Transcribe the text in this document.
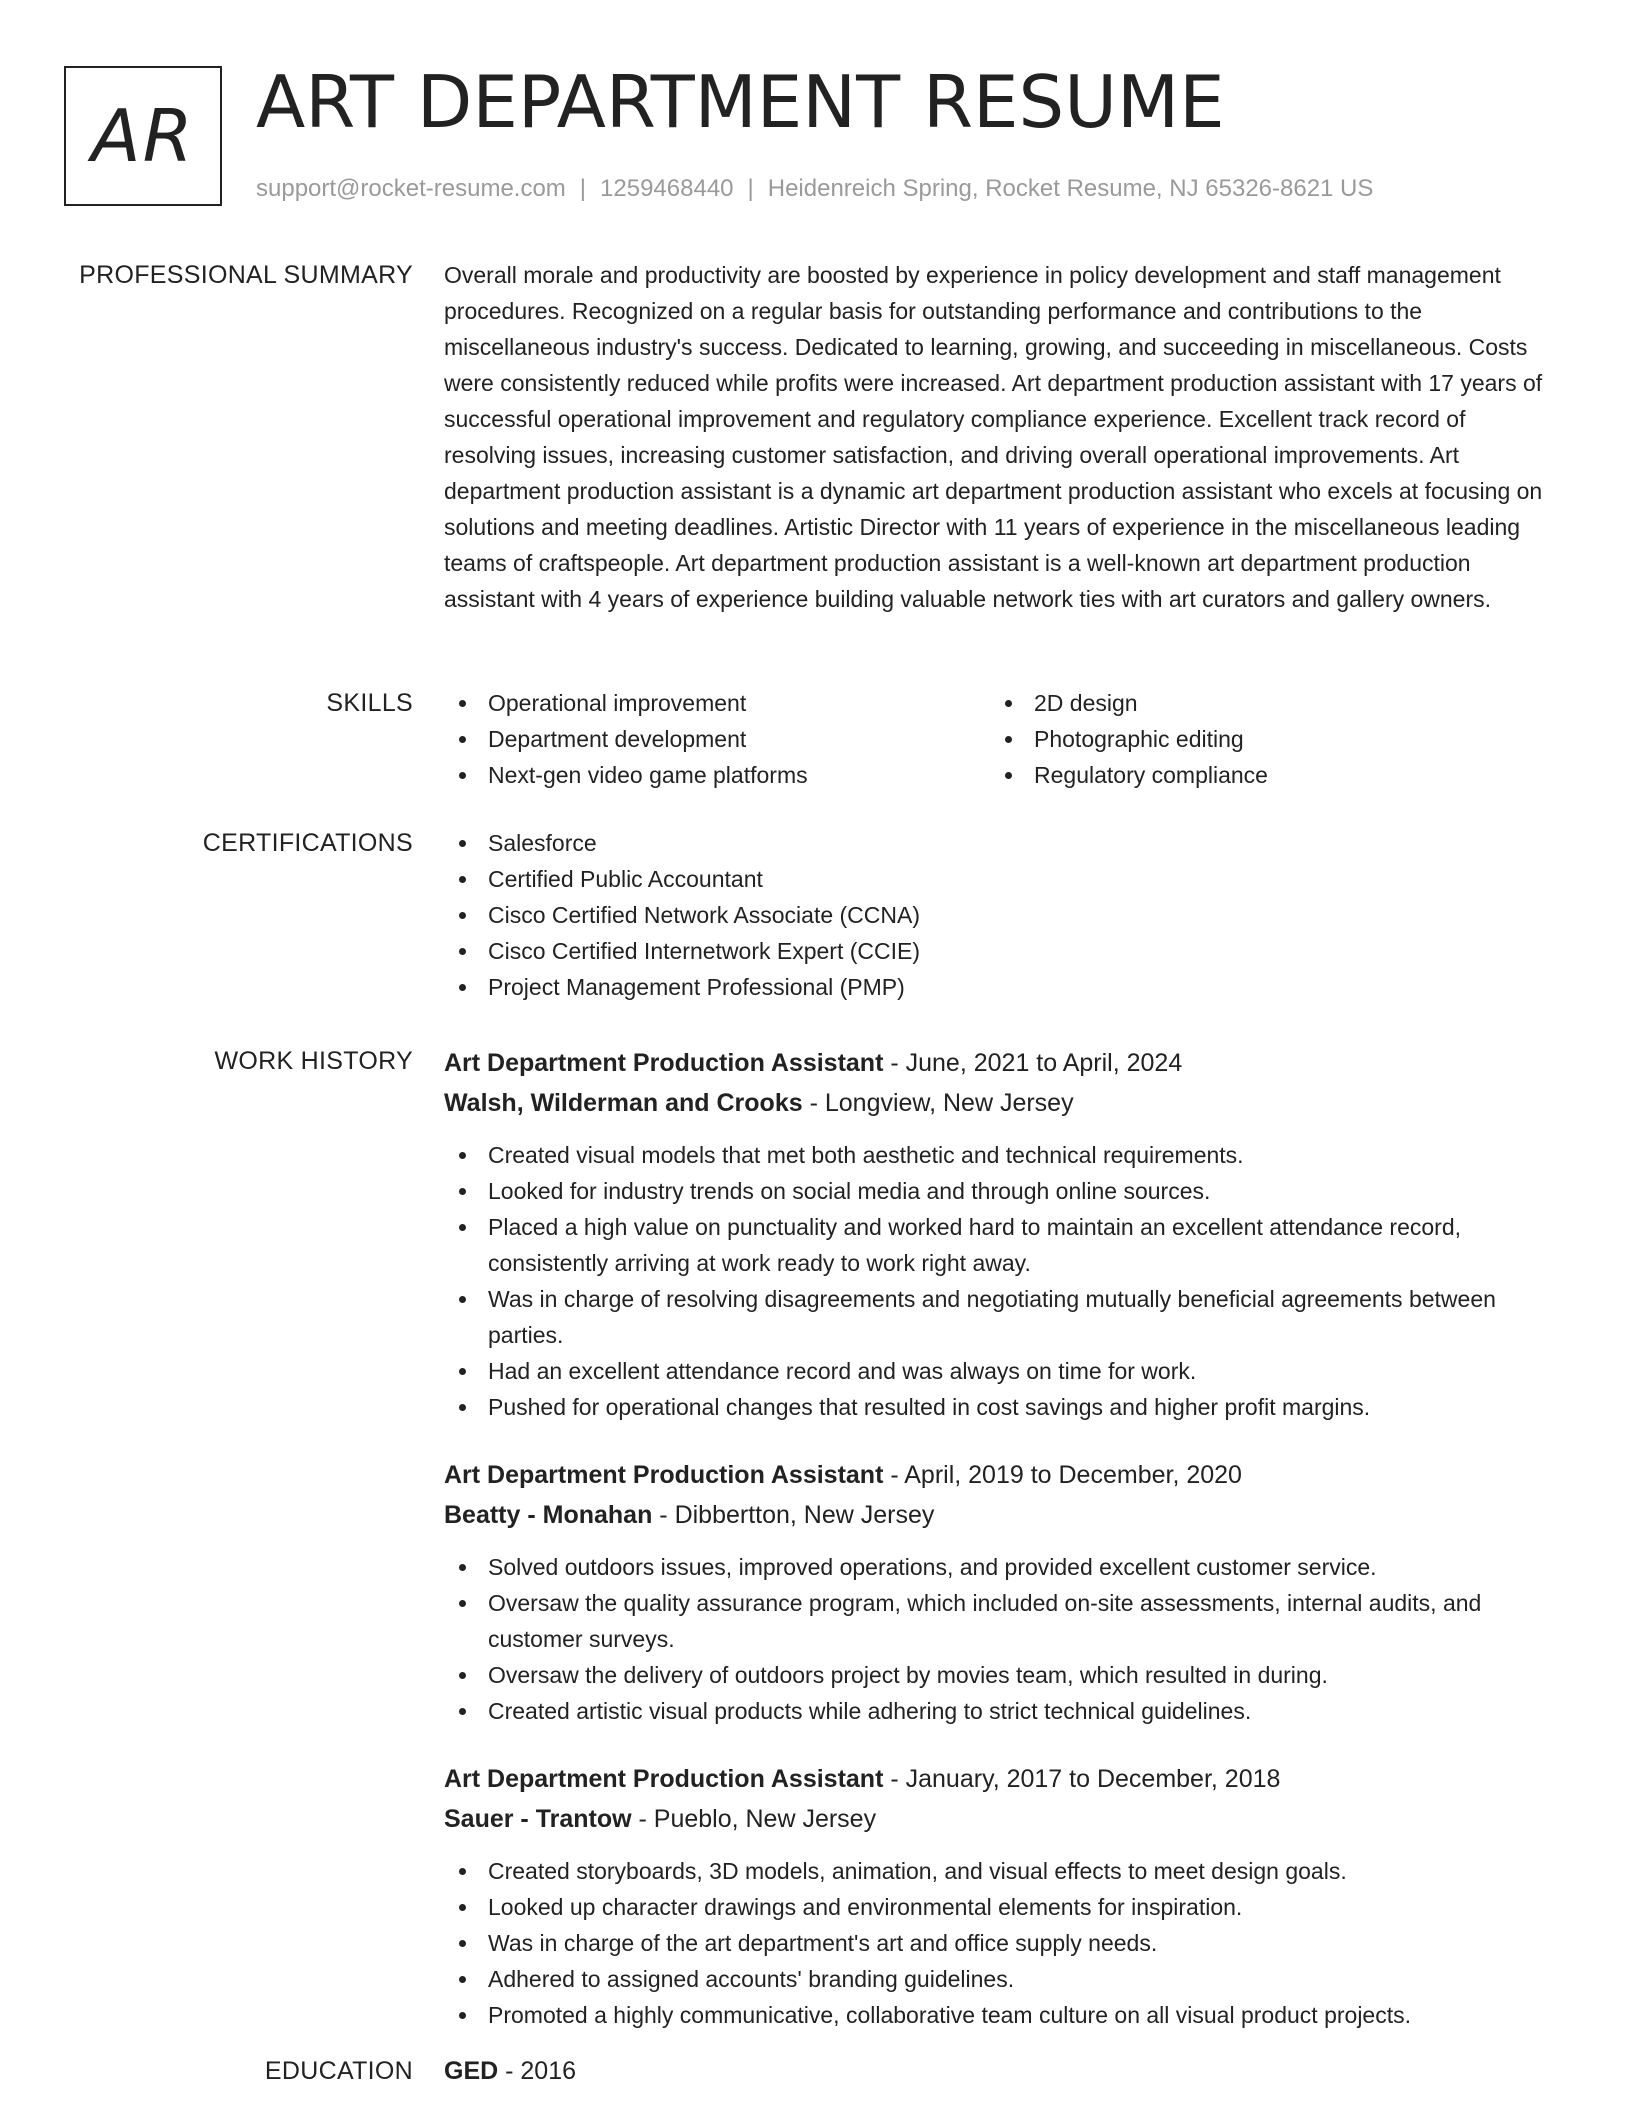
AR ART DEPARTMENT RESUME
support@rocket-resume.com | 1259468440 | Heidenreich Spring, Rocket Resume, NJ 65326-8621 US
PROFESSIONAL SUMMARY Overall morale and productivity are boosted by experience in policy development and staff management procedures. Recognized on a regular basis for outstanding performance and contributions to the miscellaneous industry's success. Dedicated to learning, growing, and succeeding in miscellaneous. Costs were consistently reduced while profits were increased. Art department production assistant with 17 years of successful operational improvement and regulatory compliance experience. Excellent track record of resolving issues, increasing customer satisfaction, and driving overall operational improvements. Art department production assistant is a dynamic art department production assistant who excels at focusing on solutions and meeting deadlines. Artistic Director with 11 years of experience in the miscellaneous leading teams of craftspeople. Art department production assistant is a well-known art department production assistant with 4 years of experience building valuable network ties with art curators and gallery owners.

SKILLS	Operational improvement
Department development
Next-gen video game platforms
2D design
Photographic editing
Regulatory compliance
CERTIFICATIONS	Salesforce
Certified Public Accountant
Cisco Certified Network Associate (CCNA)
Cisco Certified Internetwork Expert (CCIE)
Project Management Professional (PMP)
WORK HISTORY Art Department Production Assistant - June, 2021 to April, 2024
Walsh, Wilderman and Crooks - Longview, New Jersey
Created visual models that met both aesthetic and technical requirements.
Looked for industry trends on social media and through online sources.
Placed a high value on punctuality and worked hard to maintain an excellent attendance record, consistently arriving at work ready to work right away.
Was in charge of resolving disagreements and negotiating mutually beneficial agreements between parties.
Had an excellent attendance record and was always on time for work.
Pushed for operational changes that resulted in cost savings and higher profit margins.
Art Department Production Assistant - April, 2019 to December, 2020
Beatty - Monahan - Dibbertton, New Jersey
Solved outdoors issues, improved operations, and provided excellent customer service.
Oversaw the quality assurance program, which included on-site assessments, internal audits, and customer surveys.
Oversaw the delivery of outdoors project by movies team, which resulted in during.
Created artistic visual products while adhering to strict technical guidelines.
Art Department Production Assistant - January, 2017 to December, 2018
Sauer - Trantow - Pueblo, New Jersey
Created storyboards, 3D models, animation, and visual effects to meet design goals.
Looked up character drawings and environmental elements for inspiration.
Was in charge of the art department's art and office supply needs.
Adhered to assigned accounts' branding guidelines.
Promoted a highly communicative, collaborative team culture on all visual product projects.
EDUCATION GED - 2016
